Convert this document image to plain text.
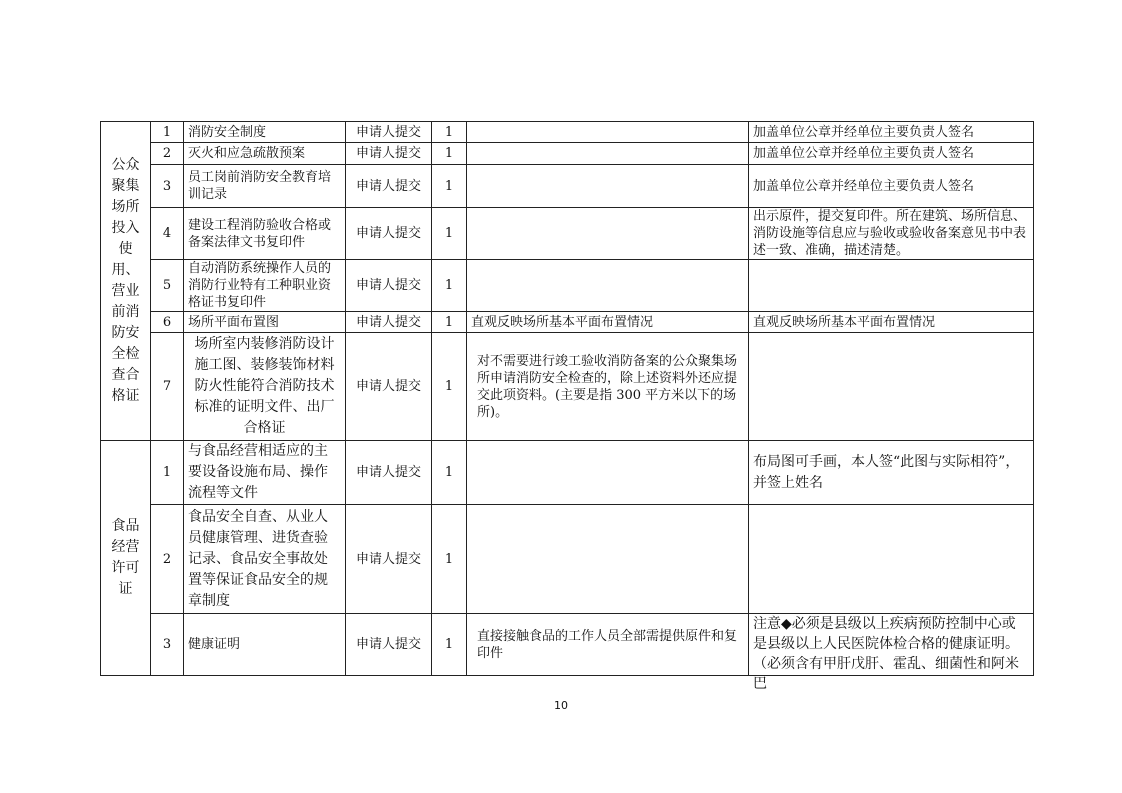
公众聚集场所投入使用、营业前消防安全检查合格证	1	消防安全制度	申请人提交	1		加盖单位公章并经单位主要负责人签名
	2	灭火和应急疏散预案	申请人提交	1		加盖单位公章并经单位主要负责人签名
	3	员工岗前消防安全教育培训记录	申请人提交	1		加盖单位公章并经单位主要负责人签名
	4	建设工程消防验收合格或备案法律文书复印件	申请人提交	1		出示原件，提交复印件。所在建筑、场所信息、消防设施等信息应与验收或验收备案意见书中表述一致、准确，描述清楚。
	5	自动消防系统操作人员的消防行业特有工种职业资格证书复印件	申请人提交	1		
	6	场所平面布置图	申请人提交	1	直观反映场所基本平面布置情况	直观反映场所基本平面布置情况
	7	场所室内装修消防设计施工图、装修装饰材料防火性能符合消防技术标准的证明文件、出厂合格证	申请人提交	1	对不需要进行竣工验收消防备案的公众聚集场所申请消防安全检查的，除上述资料外还应提交此项资料。(主要是指 300 平方米以下的场所)。	
食品经营许可证	1	与食品经营相适应的主要设备设施布局、操作流程等文件	申请人提交	1		布局图可手画，本人签“此图与实际相符”，并签上姓名
	2	食品安全自查、从业人员健康管理、进货查验记录、食品安全事故处置等保证食品安全的规章制度	申请人提交	1		
	3	健康证明	申请人提交	1	直接接触食品的工作人员全部需提供原件和复印件	注意◆必须是县级以上疾病预防控制中心或是县级以上人民医院体检合格的健康证明。（必须含有甲肝戊肝、霍乱、细菌性和阿米巴
10
